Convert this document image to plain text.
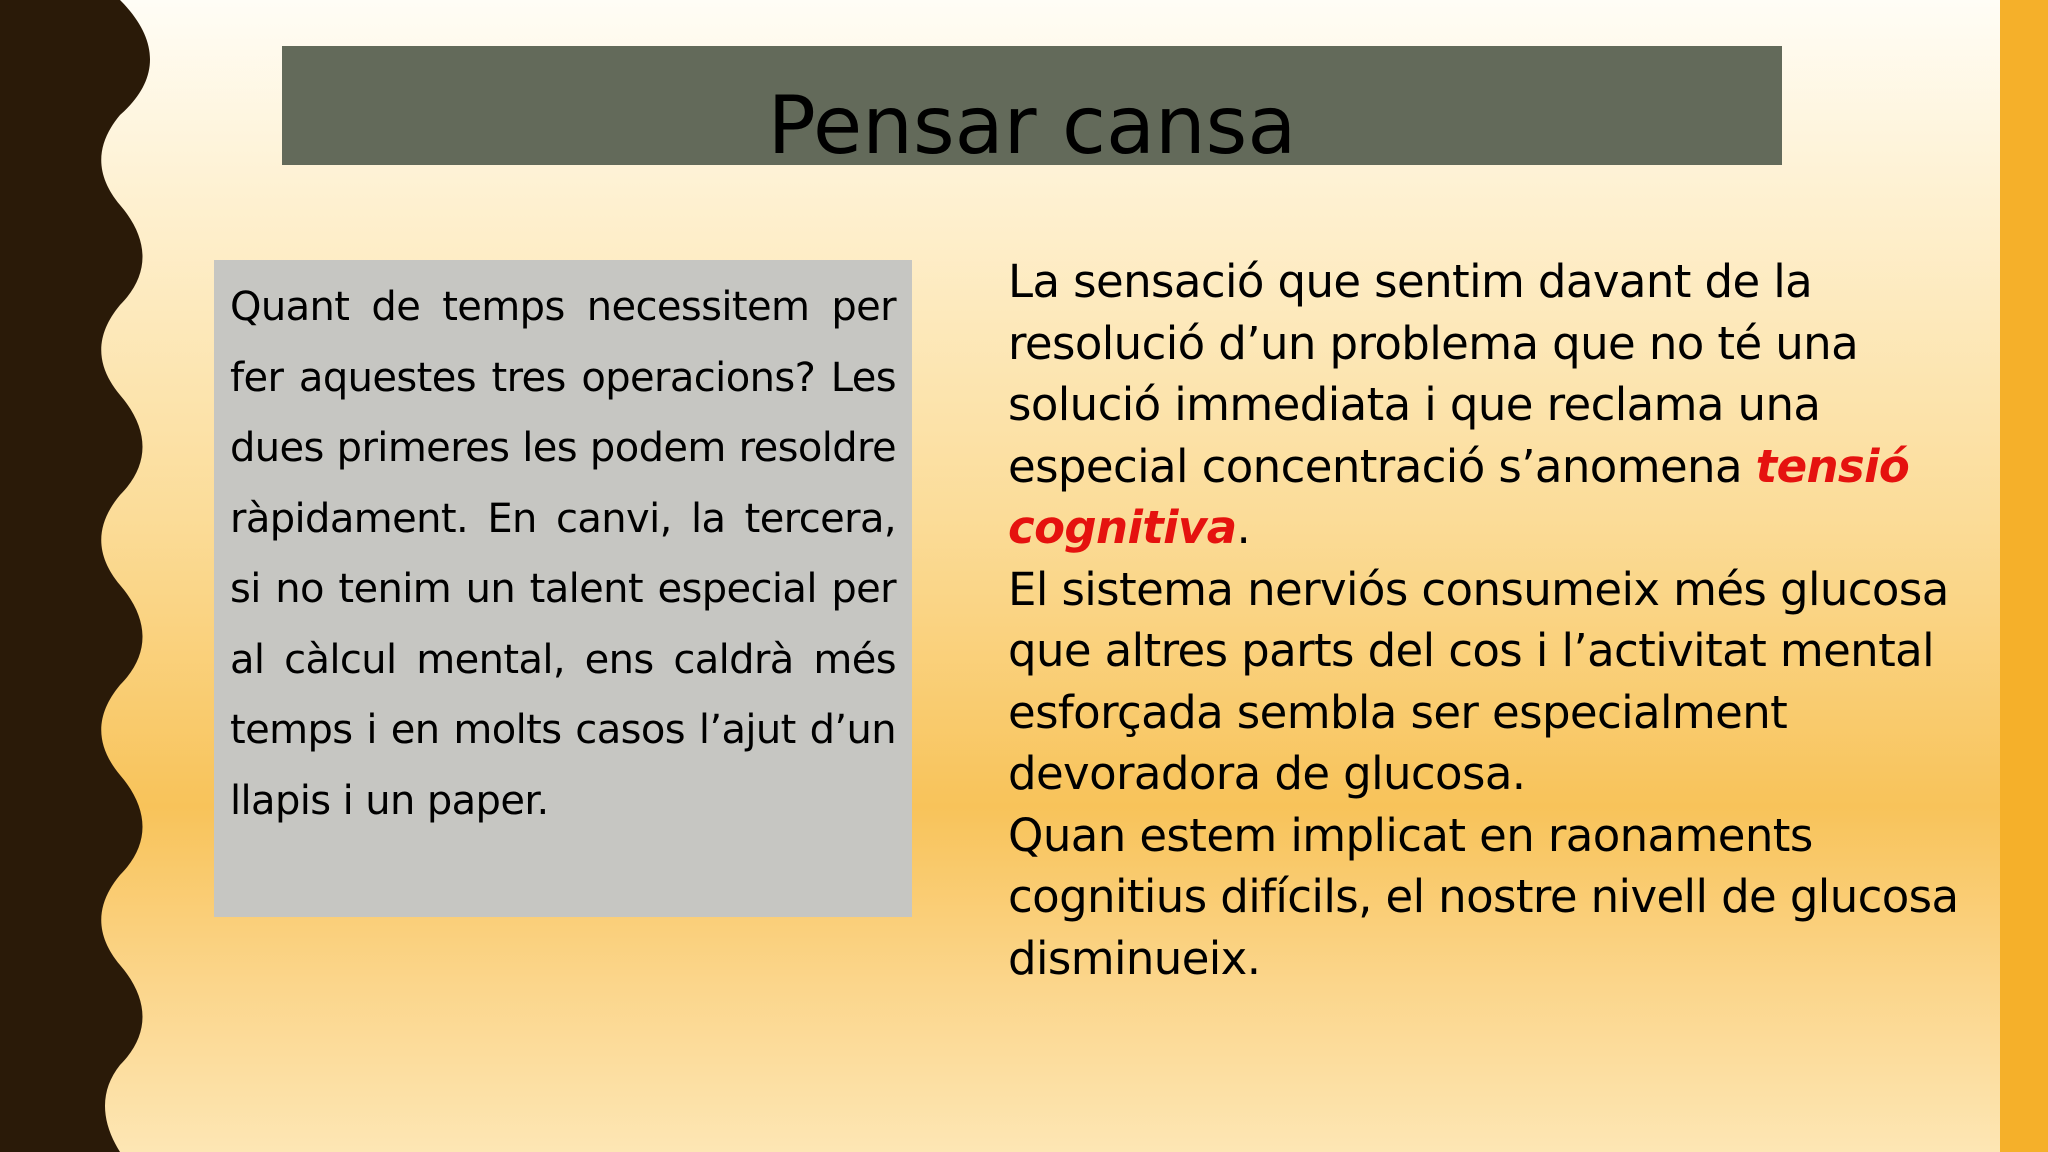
Pensar cansa

Quant de temps necessitem per fer aquestes tres operacions? Les dues primeres les podem resoldre ràpidament. En canvi, la tercera, si no tenim un talent especial per al càlcul mental, ens caldrà més temps i en molts casos l’ajut d’un llapis i un paper.

La sensació que sentim davant de la resolució d’un problema que no té una solució immediata i que reclama una especial concentració s’anomena tensió cognitiva.

El sistema nerviós consumeix més glucosa que altres parts del cos i l’activitat mental esforçada sembla ser especialment devoradora de glucosa.

Quan estem implicat en raonaments cognitius difícils, el nostre nivell de glucosa disminueix.
